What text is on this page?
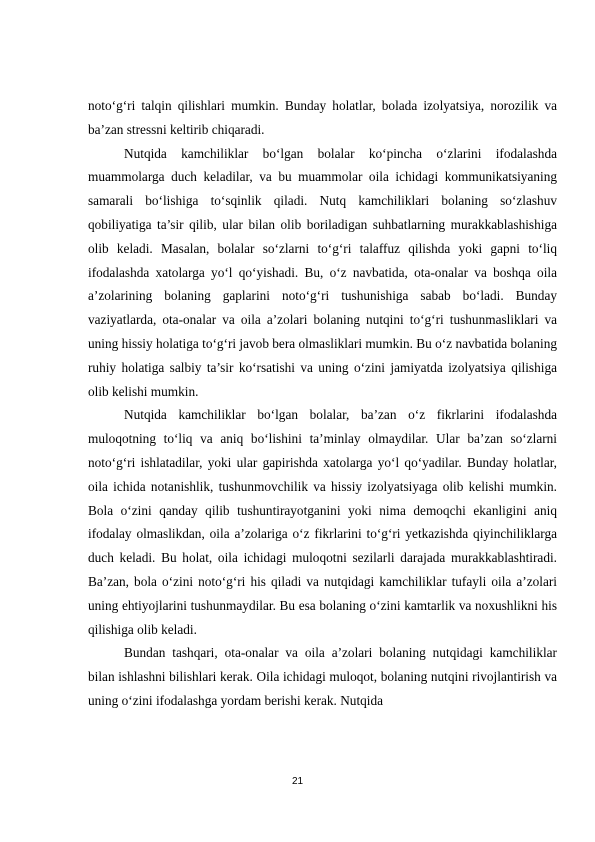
noto‘g‘ri talqin qilishlari mumkin. Bunday holatlar, bolada izolyatsiya, norozilik va ba’zan stressni keltirib chiqaradi.

Nutqida kamchiliklar bo‘lgan bolalar ko‘pincha o‘zlarini ifodalashda muammolarga duch keladilar, va bu muammolar oila ichidagi kommunikatsiyaning samarali bo‘lishiga to‘sqinlik qiladi. Nutq kamchiliklari bolaning so‘zlashuv qobiliyatiga ta’sir qilib, ular bilan olib boriladigan suhbatlarning murakkablashishiga olib keladi. Masalan, bolalar so‘zlarni to‘g‘ri talaffuz qilishda yoki gapni to‘liq ifodalashda xatolarga yo‘l qo‘yishadi. Bu, o‘z navbatida, ota-onalar va boshqa oila a’zolarining bolaning gaplarini noto‘g‘ri tushunishiga sabab bo‘ladi. Bunday vaziyatlarda, ota-onalar va oila a’zolari bolaning nutqini to‘g‘ri tushunmasliklari va uning hissiy holatiga to‘g‘ri javob bera olmasliklari mumkin. Bu o‘z navbatida bolaning ruhiy holatiga salbiy ta’sir ko‘rsatishi va uning o‘zini jamiyatda izolyatsiya qilishiga olib kelishi mumkin.

Nutqida kamchiliklar bo‘lgan bolalar, ba’zan o‘z fikrlarini ifodalashda muloqotning to‘liq va aniq bo‘lishini ta’minlay olmaydilar. Ular ba’zan so‘zlarni noto‘g‘ri ishlatadilar, yoki ular gapirishda xatolarga yo‘l qo‘yadilar. Bunday holatlar, oila ichida notanishlik, tushunmovchilik va hissiy izolyatsiyaga olib kelishi mumkin. Bola o‘zini qanday qilib tushuntirayotganini yoki nima demoqchi ekanligini aniq ifodalay olmaslikdan, oila a’zolariga o‘z fikrlarini to‘g‘ri yetkazishda qiyinchiliklarga duch keladi. Bu holat, oila ichidagi muloqotni sezilarli darajada murakkablashtiradi. Ba’zan, bola o‘zini noto‘g‘ri his qiladi va nutqidagi kamchiliklar tufayli oila a’zolari uning ehtiyojlarini tushunmaydilar. Bu esa bolaning o‘zini kamtarlik va noxushlikni his qilishiga olib keladi.

Bundan tashqari, ota-onalar va oila a’zolari bolaning nutqidagi kamchiliklar bilan ishlashni bilishlari kerak. Oila ichidagi muloqot, bolaning nutqini rivojlantirish va uning o‘zini ifodalashga yordam berishi kerak. Nutqida

21
